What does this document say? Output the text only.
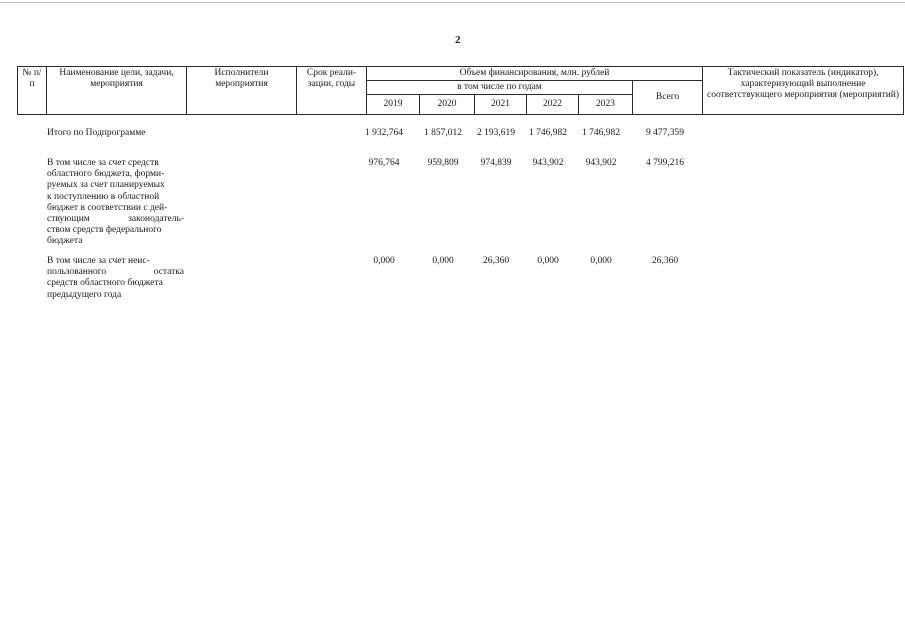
2
№ п/п	Наименование цели, задачи, мероприятия	Исполнители мероприятия	Срок реали-зации, годы	Объем финансирования, млн. рублей						Тактический показатель (индикатор), характеризующий выполнение соответствующего мероприятия (мероприятий)
				в том числе по годам					Всего	
				2019	2020	2021	2022	2023		
Итого по Подпрограмме	1 932,764	1 857,012	2 193,619	1 746,982	1 746,982	9 477,359
В том числе за счет средств
областного бюджета, форми-
руемых за счет планируемых
к поступлению в областной
бюджет в соответствии с дей-
ствующим законодатель-
ством средств федерального
бюджета
976,764	959,809	974,839	943,902	943,902	4 799,216
В том числе за счет неис-
пользованного остатка
средств областного бюджета
предыдущего года
0,000	0,000	26,360	0,000	0,000	26,360
